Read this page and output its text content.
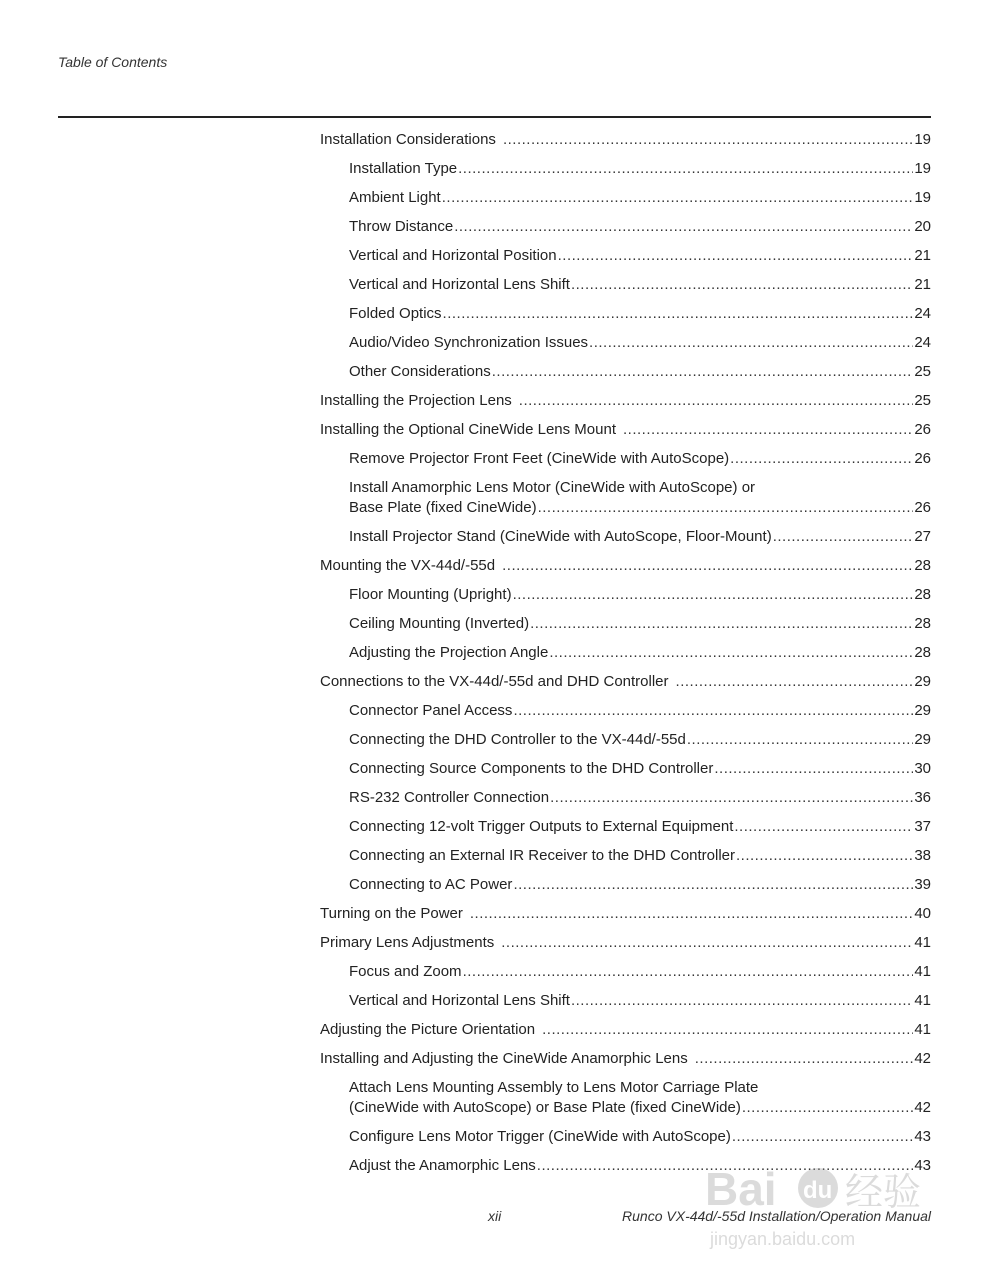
Table of Contents
Installation Considerations .....	19
Installation Type .....	19
Ambient Light .....	19
Throw Distance .....	20
Vertical and Horizontal Position .....	21
Vertical and Horizontal Lens Shift .....	21
Folded Optics .....	24
Audio/Video Synchronization Issues .....	24
Other Considerations .....	25
Installing the Projection Lens .....	25
Installing the Optional CineWide Lens Mount .....	26
Remove Projector Front Feet (CineWide with AutoScope) .....	26
Install Anamorphic Lens Motor (CineWide with AutoScope) or
Base Plate (fixed CineWide) .....	26
Install Projector Stand (CineWide with AutoScope, Floor-Mount) .....	27
Mounting the VX-44d/-55d .....	28
Floor Mounting (Upright) .....	28
Ceiling Mounting (Inverted) .....	28
Adjusting the Projection Angle .....	28
Connections to the VX-44d/-55d and DHD Controller .....	29
Connector Panel Access .....	29
Connecting the DHD Controller to the VX-44d/-55d .....	29
Connecting Source Components to the DHD Controller .....	30
RS-232 Controller Connection .....	36
Connecting 12-volt Trigger Outputs to External Equipment .....	37
Connecting an External IR Receiver to the DHD Controller .....	38
Connecting to AC Power .....	39
Turning on the Power .....	40
Primary Lens Adjustments .....	41
Focus and Zoom .....	41
Vertical and Horizontal Lens Shift .....	41
Adjusting the Picture Orientation .....	41
Installing and Adjusting the CineWide Anamorphic Lens .....	42
Attach Lens Mounting Assembly to Lens Motor Carriage Plate
(CineWide with AutoScope) or Base Plate (fixed CineWide) .....	42
Configure Lens Motor Trigger (CineWide with AutoScope) .....	43
Adjust the Anamorphic Lens .....	43
xii	Runco VX-44d/-55d Installation/Operation Manual
Bai du 经验
jingyan.baidu.com
